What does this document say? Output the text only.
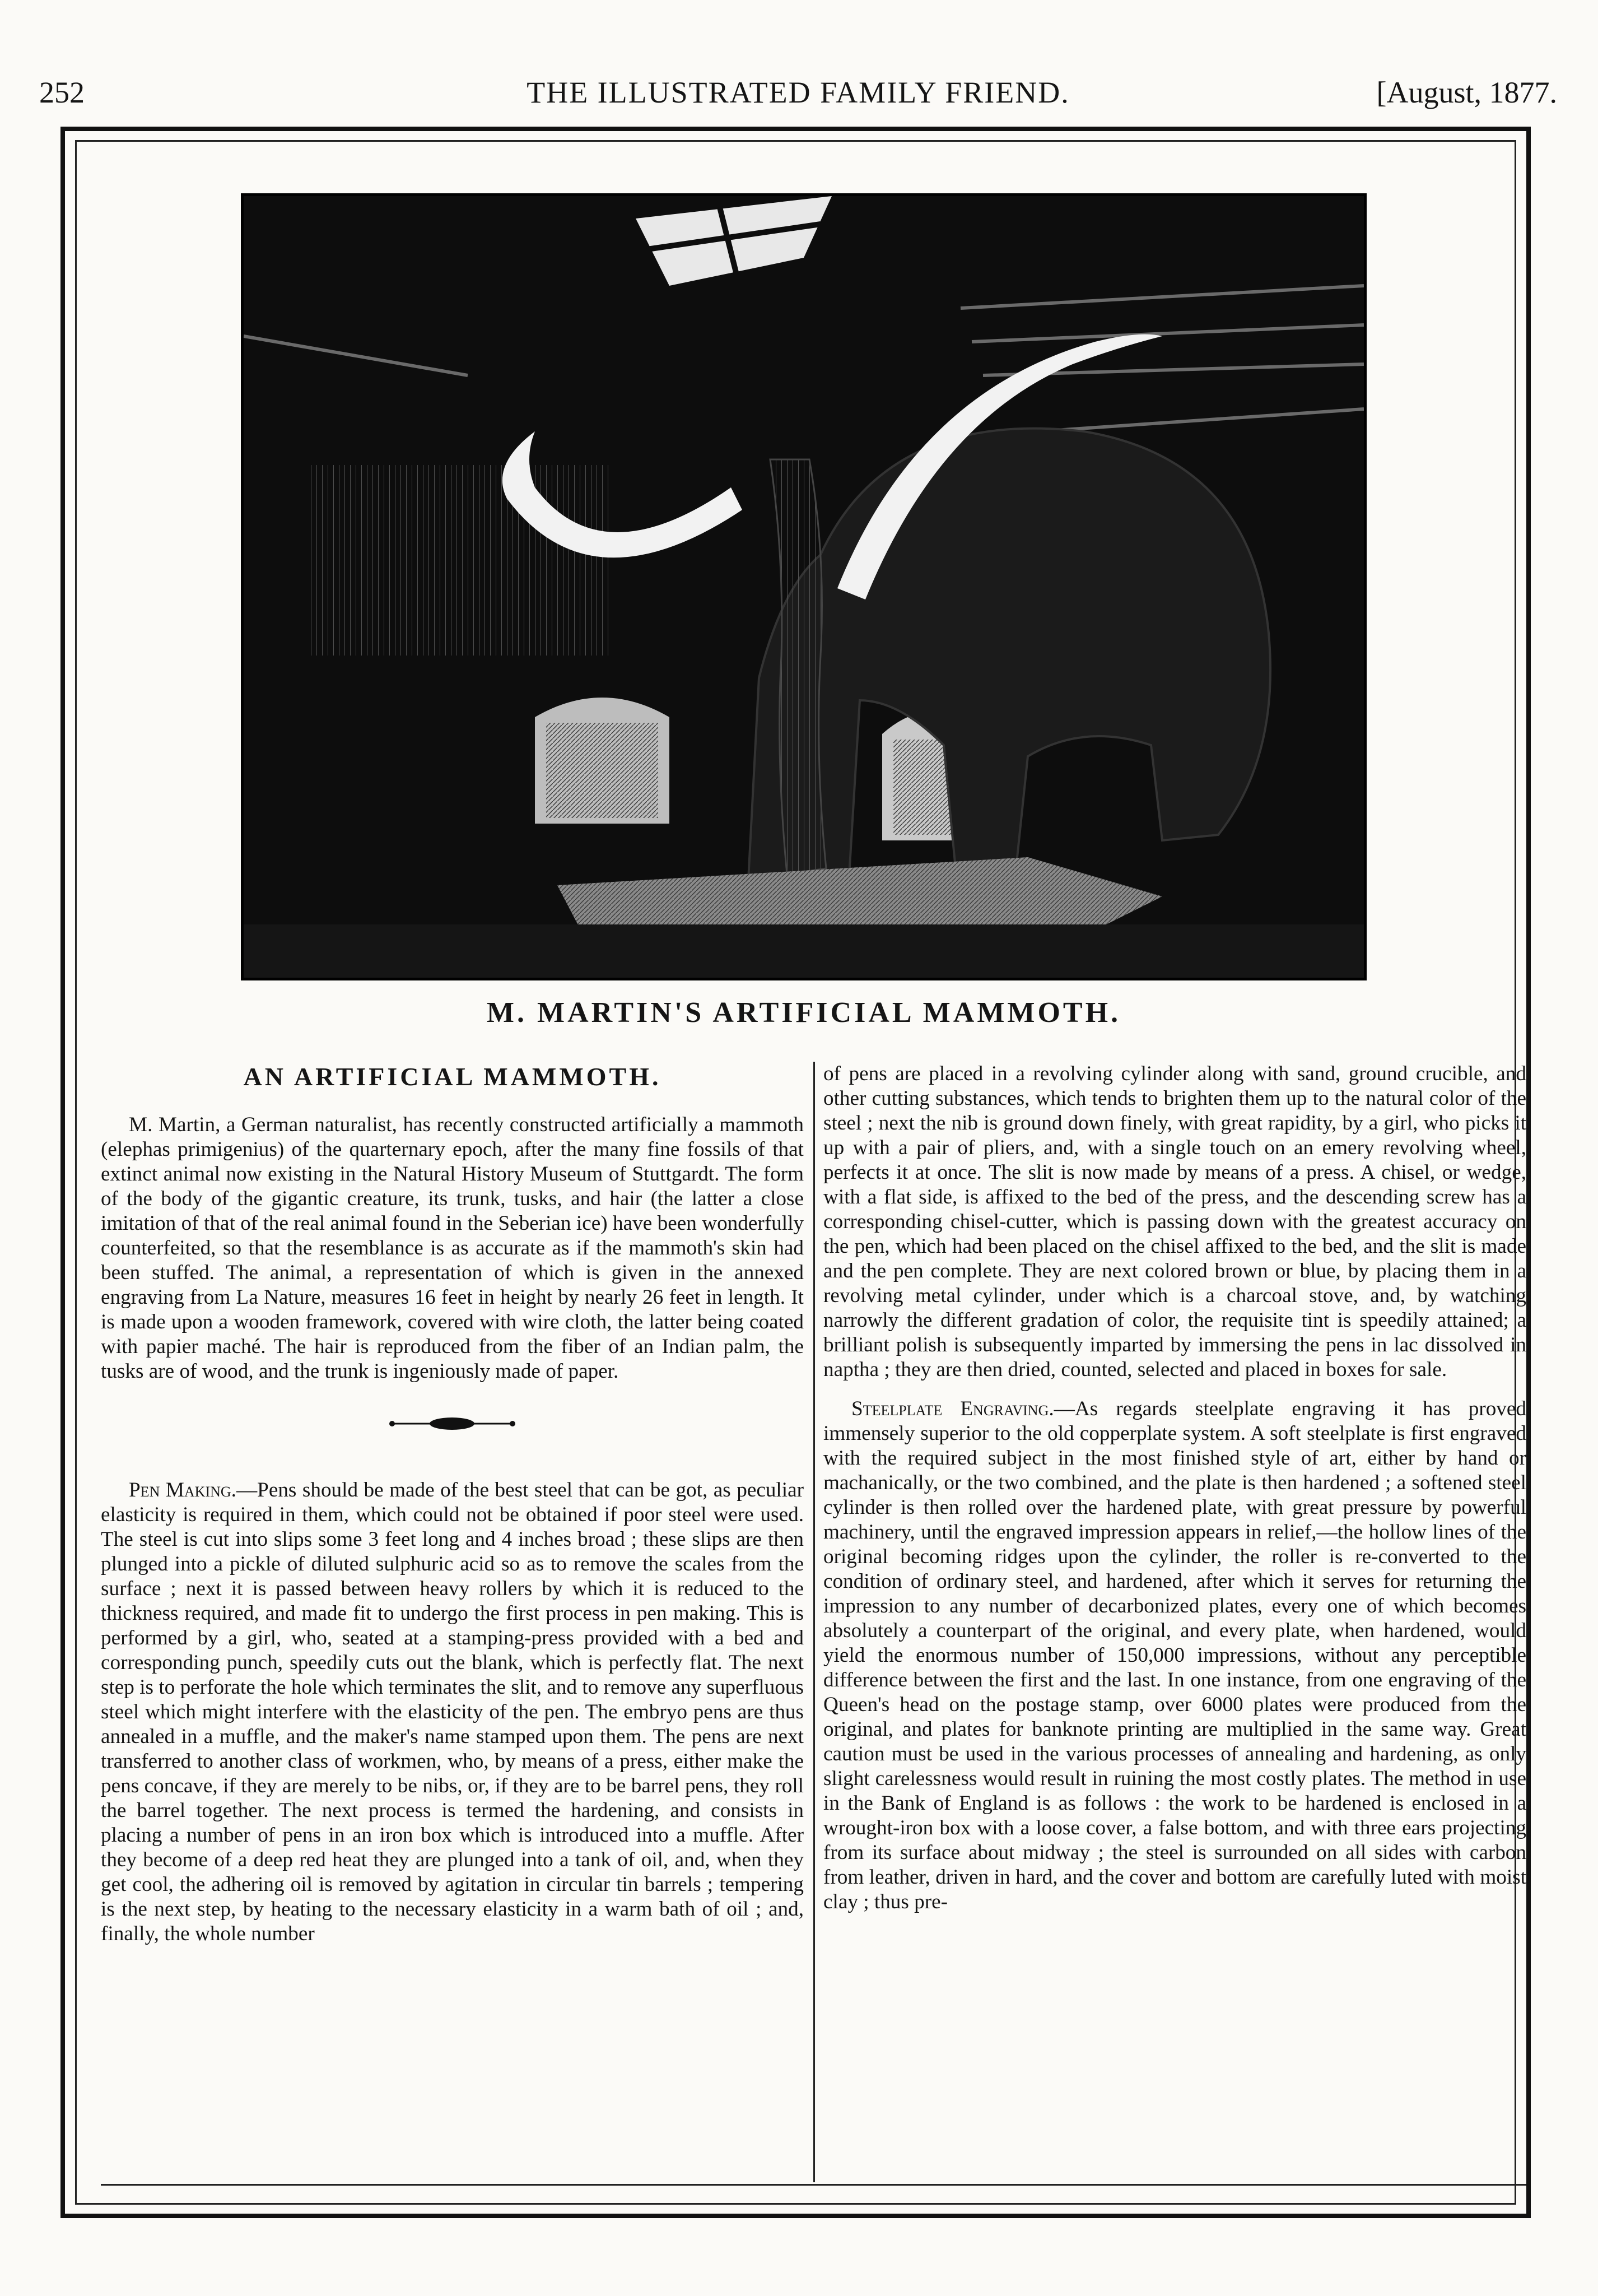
252	THE ILLUSTRATED FAMILY FRIEND.	[August, 1877.
M. MARTIN'S ARTIFICIAL MAMMOTH.
AN ARTIFICIAL MAMMOTH.

M. Martin, a German naturalist, has recently constructed artificially a mammoth (elephas primigenius) of the quarternary epoch, after the many fine fossils of that extinct animal now existing in the Natural History Museum of Stuttgardt. The form of the body of the gigantic creature, its trunk, tusks, and hair (the latter a close imitation of that of the real animal found in the Seberian ice) have been wonderfully counterfeited, so that the resemblance is as accurate as if the mammoth's skin had been stuffed. The animal, a representation of which is given in the annexed engraving from La Nature, measures 16 feet in height by nearly 26 feet in length. It is made upon a wooden framework, covered with wire cloth, the latter being coated with papier maché. The hair is reproduced from the fiber of an Indian palm, the tusks are of wood, and the trunk is ingeniously made of paper.

Pen Making.—Pens should be made of the best steel that can be got, as peculiar elasticity is required in them, which could not be obtained if poor steel were used. The steel is cut into slips some 3 feet long and 4 inches broad ; these slips are then plunged into a pickle of diluted sulphuric acid so as to remove the scales from the surface ; next it is passed between heavy rollers by which it is reduced to the thickness required, and made fit to undergo the first process in pen making. This is performed by a girl, who, seated at a stamping-press provided with a bed and corresponding punch, speedily cuts out the blank, which is perfectly flat. The next step is to perforate the hole which terminates the slit, and to remove any superfluous steel which might interfere with the elasticity of the pen. The embryo pens are thus annealed in a muffle, and the maker's name stamped upon them. The pens are next transferred to another class of workmen, who, by means of a press, either make the pens concave, if they are merely to be nibs, or, if they are to be barrel pens, they roll the barrel together. The next process is termed the hardening, and consists in placing a number of pens in an iron box which is introduced into a muffle. After they become of a deep red heat they are plunged into a tank of oil, and, when they get cool, the adhering oil is removed by agitation in circular tin barrels ; tempering is the next step, by heating to the necessary elasticity in a warm bath of oil ; and, finally, the whole number

of pens are placed in a revolving cylinder along with sand, ground crucible, and other cutting substances, which tends to brighten them up to the natural color of the steel ; next the nib is ground down finely, with great rapidity, by a girl, who picks it up with a pair of pliers, and, with a single touch on an emery revolving wheel, perfects it at once. The slit is now made by means of a press. A chisel, or wedge, with a flat side, is affixed to the bed of the press, and the descending screw has a corresponding chisel-cutter, which is passing down with the greatest accuracy on the pen, which had been placed on the chisel affixed to the bed, and the slit is made and the pen complete. They are next colored brown or blue, by placing them in a revolving metal cylinder, under which is a charcoal stove, and, by watching narrowly the different gradation of color, the requisite tint is speedily attained; a brilliant polish is subsequently imparted by immersing the pens in lac dissolved in naptha ; they are then dried, counted, selected and placed in boxes for sale.

Steelplate Engraving.—As regards steelplate engraving it has proved immensely superior to the old copperplate system. A soft steelplate is first engraved with the required subject in the most finished style of art, either by hand or machanically, or the two combined, and the plate is then hardened ; a softened steel cylinder is then rolled over the hardened plate, with great pressure by powerful machinery, until the engraved impression appears in relief,—the hollow lines of the original becoming ridges upon the cylinder, the roller is re-converted to the condition of ordinary steel, and hardened, after which it serves for returning the impression to any number of decarbonized plates, every one of which becomes absolutely a counterpart of the original, and every plate, when hardened, would yield the enormous number of 150,000 impressions, without any perceptible difference between the first and the last. In one instance, from one engraving of the Queen's head on the postage stamp, over 6000 plates were produced from the original, and plates for banknote printing are multiplied in the same way. Great caution must be used in the various processes of annealing and hardening, as only slight carelessness would result in ruining the most costly plates. The method in use in the Bank of England is as follows : the work to be hardened is enclosed in a wrought-iron box with a loose cover, a false bottom, and with three ears projecting from its surface about midway ; the steel is surrounded on all sides with carbon from leather, driven in hard, and the cover and bottom are carefully luted with moist clay ; thus pre-
